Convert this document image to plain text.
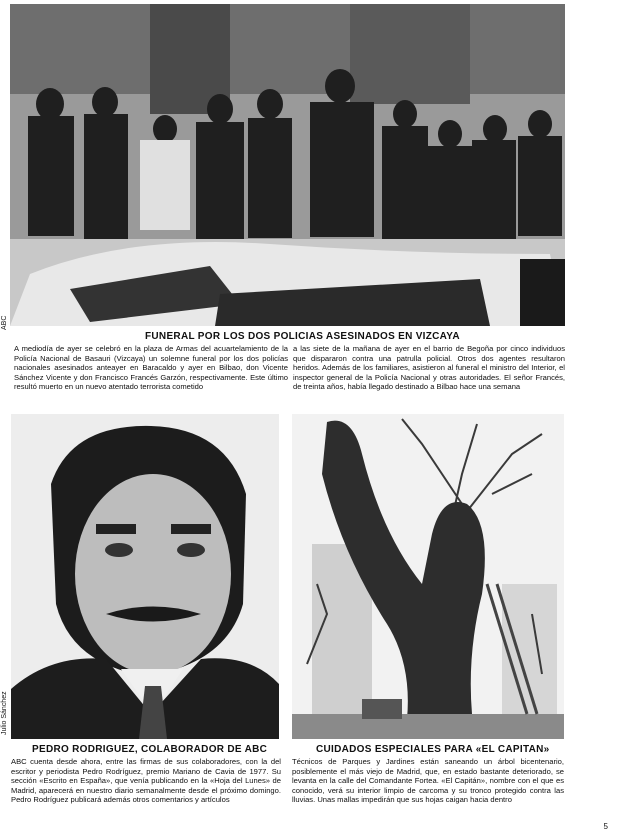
ABC
FUNERAL POR LOS DOS POLICIAS ASESINADOS EN VIZCAYA

A mediodía de ayer se celebró en la plaza de Armas del acuartelamiento de la Policía Nacional de Basauri (Vizcaya) un solemne funeral por los dos policías nacionales asesinados anteayer en Baracaldo y ayer en Bilbao, don Vicente Sánchez Vicente y don Francisco Francés Garzón, respectivamente. Este último resultó muerto en un nuevo atentado terrorista cometido

a las siete de la mañana de ayer en el barrio de Begoña por cinco individuos que dispararon contra una patrulla policial. Otros dos agentes resultaron heridos. Además de los familiares, asistieron al funeral el ministro del Interior, el inspector general de la Policía Nacional y otras autoridades. El señor Francés, de treinta años, había llegado destinado a Bilbao hace una semana

Julio Sánchez
PEDRO RODRIGUEZ, COLABORADOR DE ABC

ABC cuenta desde ahora, entre las firmas de sus colaboradores, con la del escritor y periodista Pedro Rodríguez, premio Mariano de Cavia de 1977. Su sección «Escrito en España», que venía publicando en la «Hoja del Lunes» de Madrid, aparecerá en nuestro diario semanalmente desde el próximo domingo. Pedro Rodríguez publicará además otros comentarios y artículos

CUIDADOS ESPECIALES PARA «EL CAPITAN»

Técnicos de Parques y Jardines están saneando un árbol bicentenario, posiblemente el más viejo de Madrid, que, en estado bastante deteriorado, se levanta en la calle del Comandante Fortea. «El Capitán», nombre con el que es conocido, verá su interior limpio de carcoma y su tronco protegido contra las lluvias. Unas mallas impedirán que sus hojas caigan hacia dentro

5
